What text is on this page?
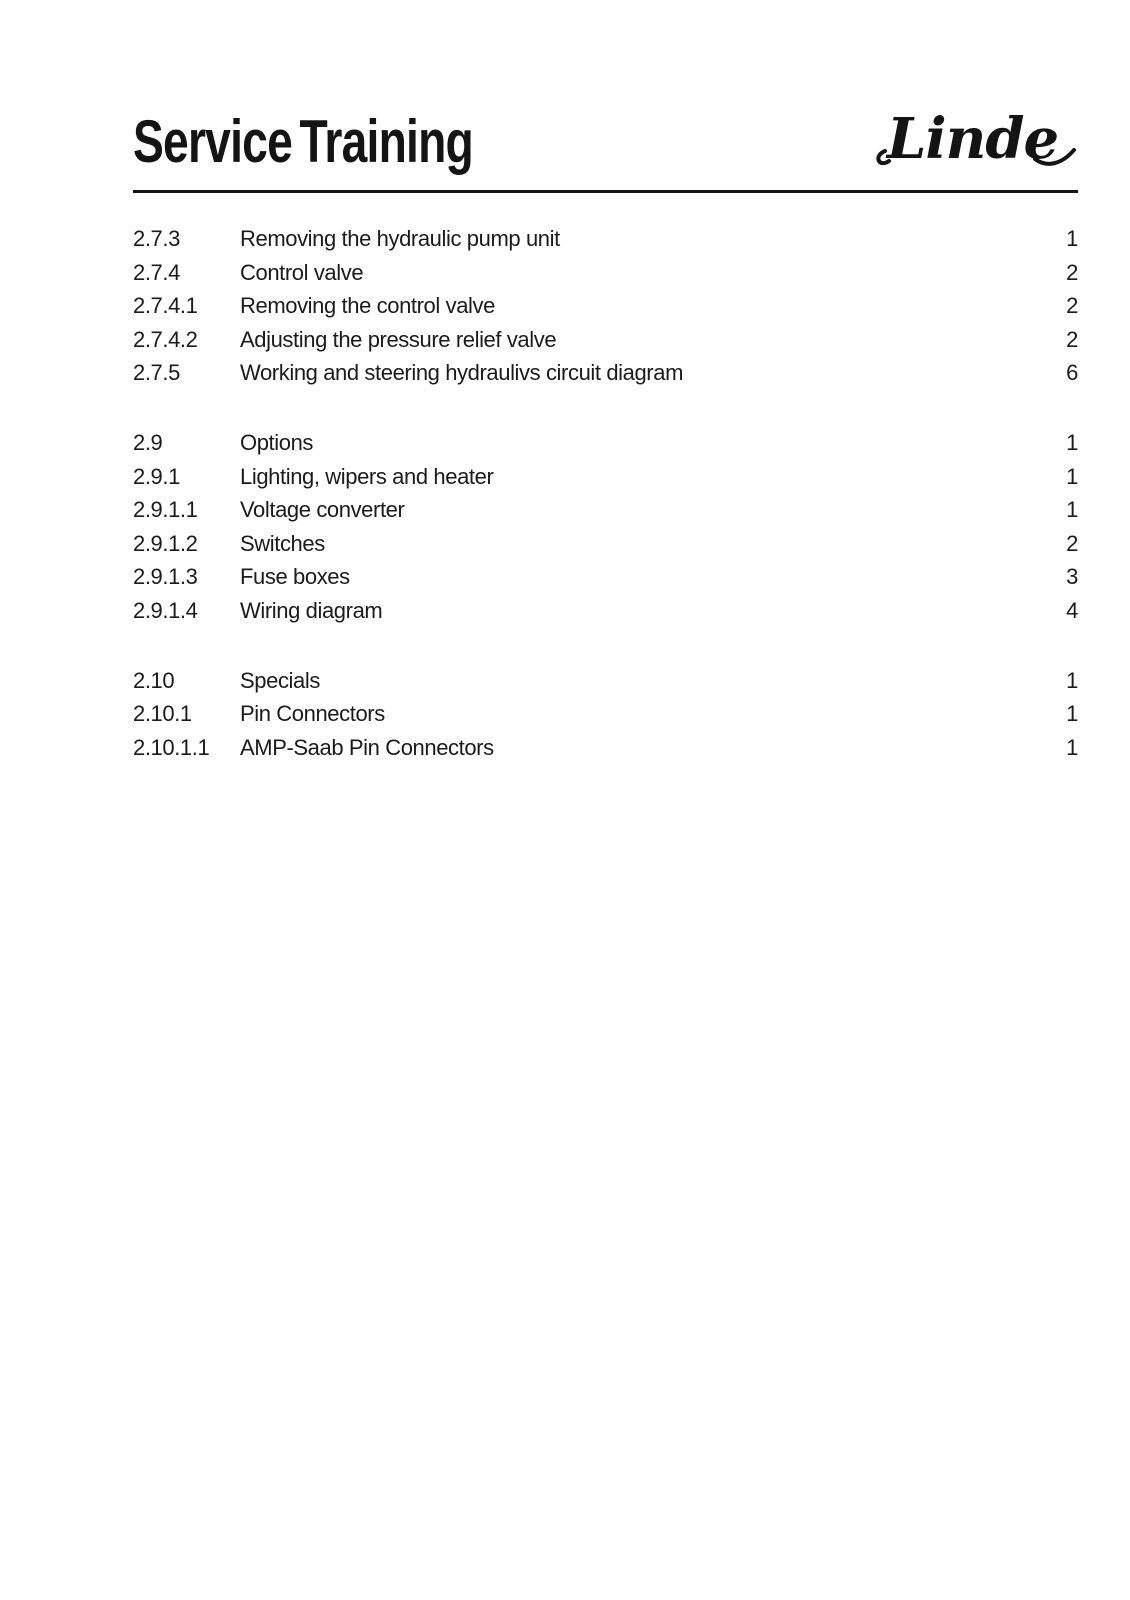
Service Training	Linde
2.7.3	Removing the hydraulic pump unit	1
2.7.4	Control valve	2
2.7.4.1	Removing the control valve	2
2.7.4.2	Adjusting the pressure relief valve	2
2.7.5	Working and steering hydraulivs circuit diagram	6
2.9	Options	1
2.9.1	Lighting, wipers and heater	1
2.9.1.1	Voltage converter	1
2.9.1.2	Switches	2
2.9.1.3	Fuse boxes	3
2.9.1.4	Wiring diagram	4
2.10	Specials	1
2.10.1	Pin Connectors	1
2.10.1.1	AMP-Saab Pin Connectors	1
